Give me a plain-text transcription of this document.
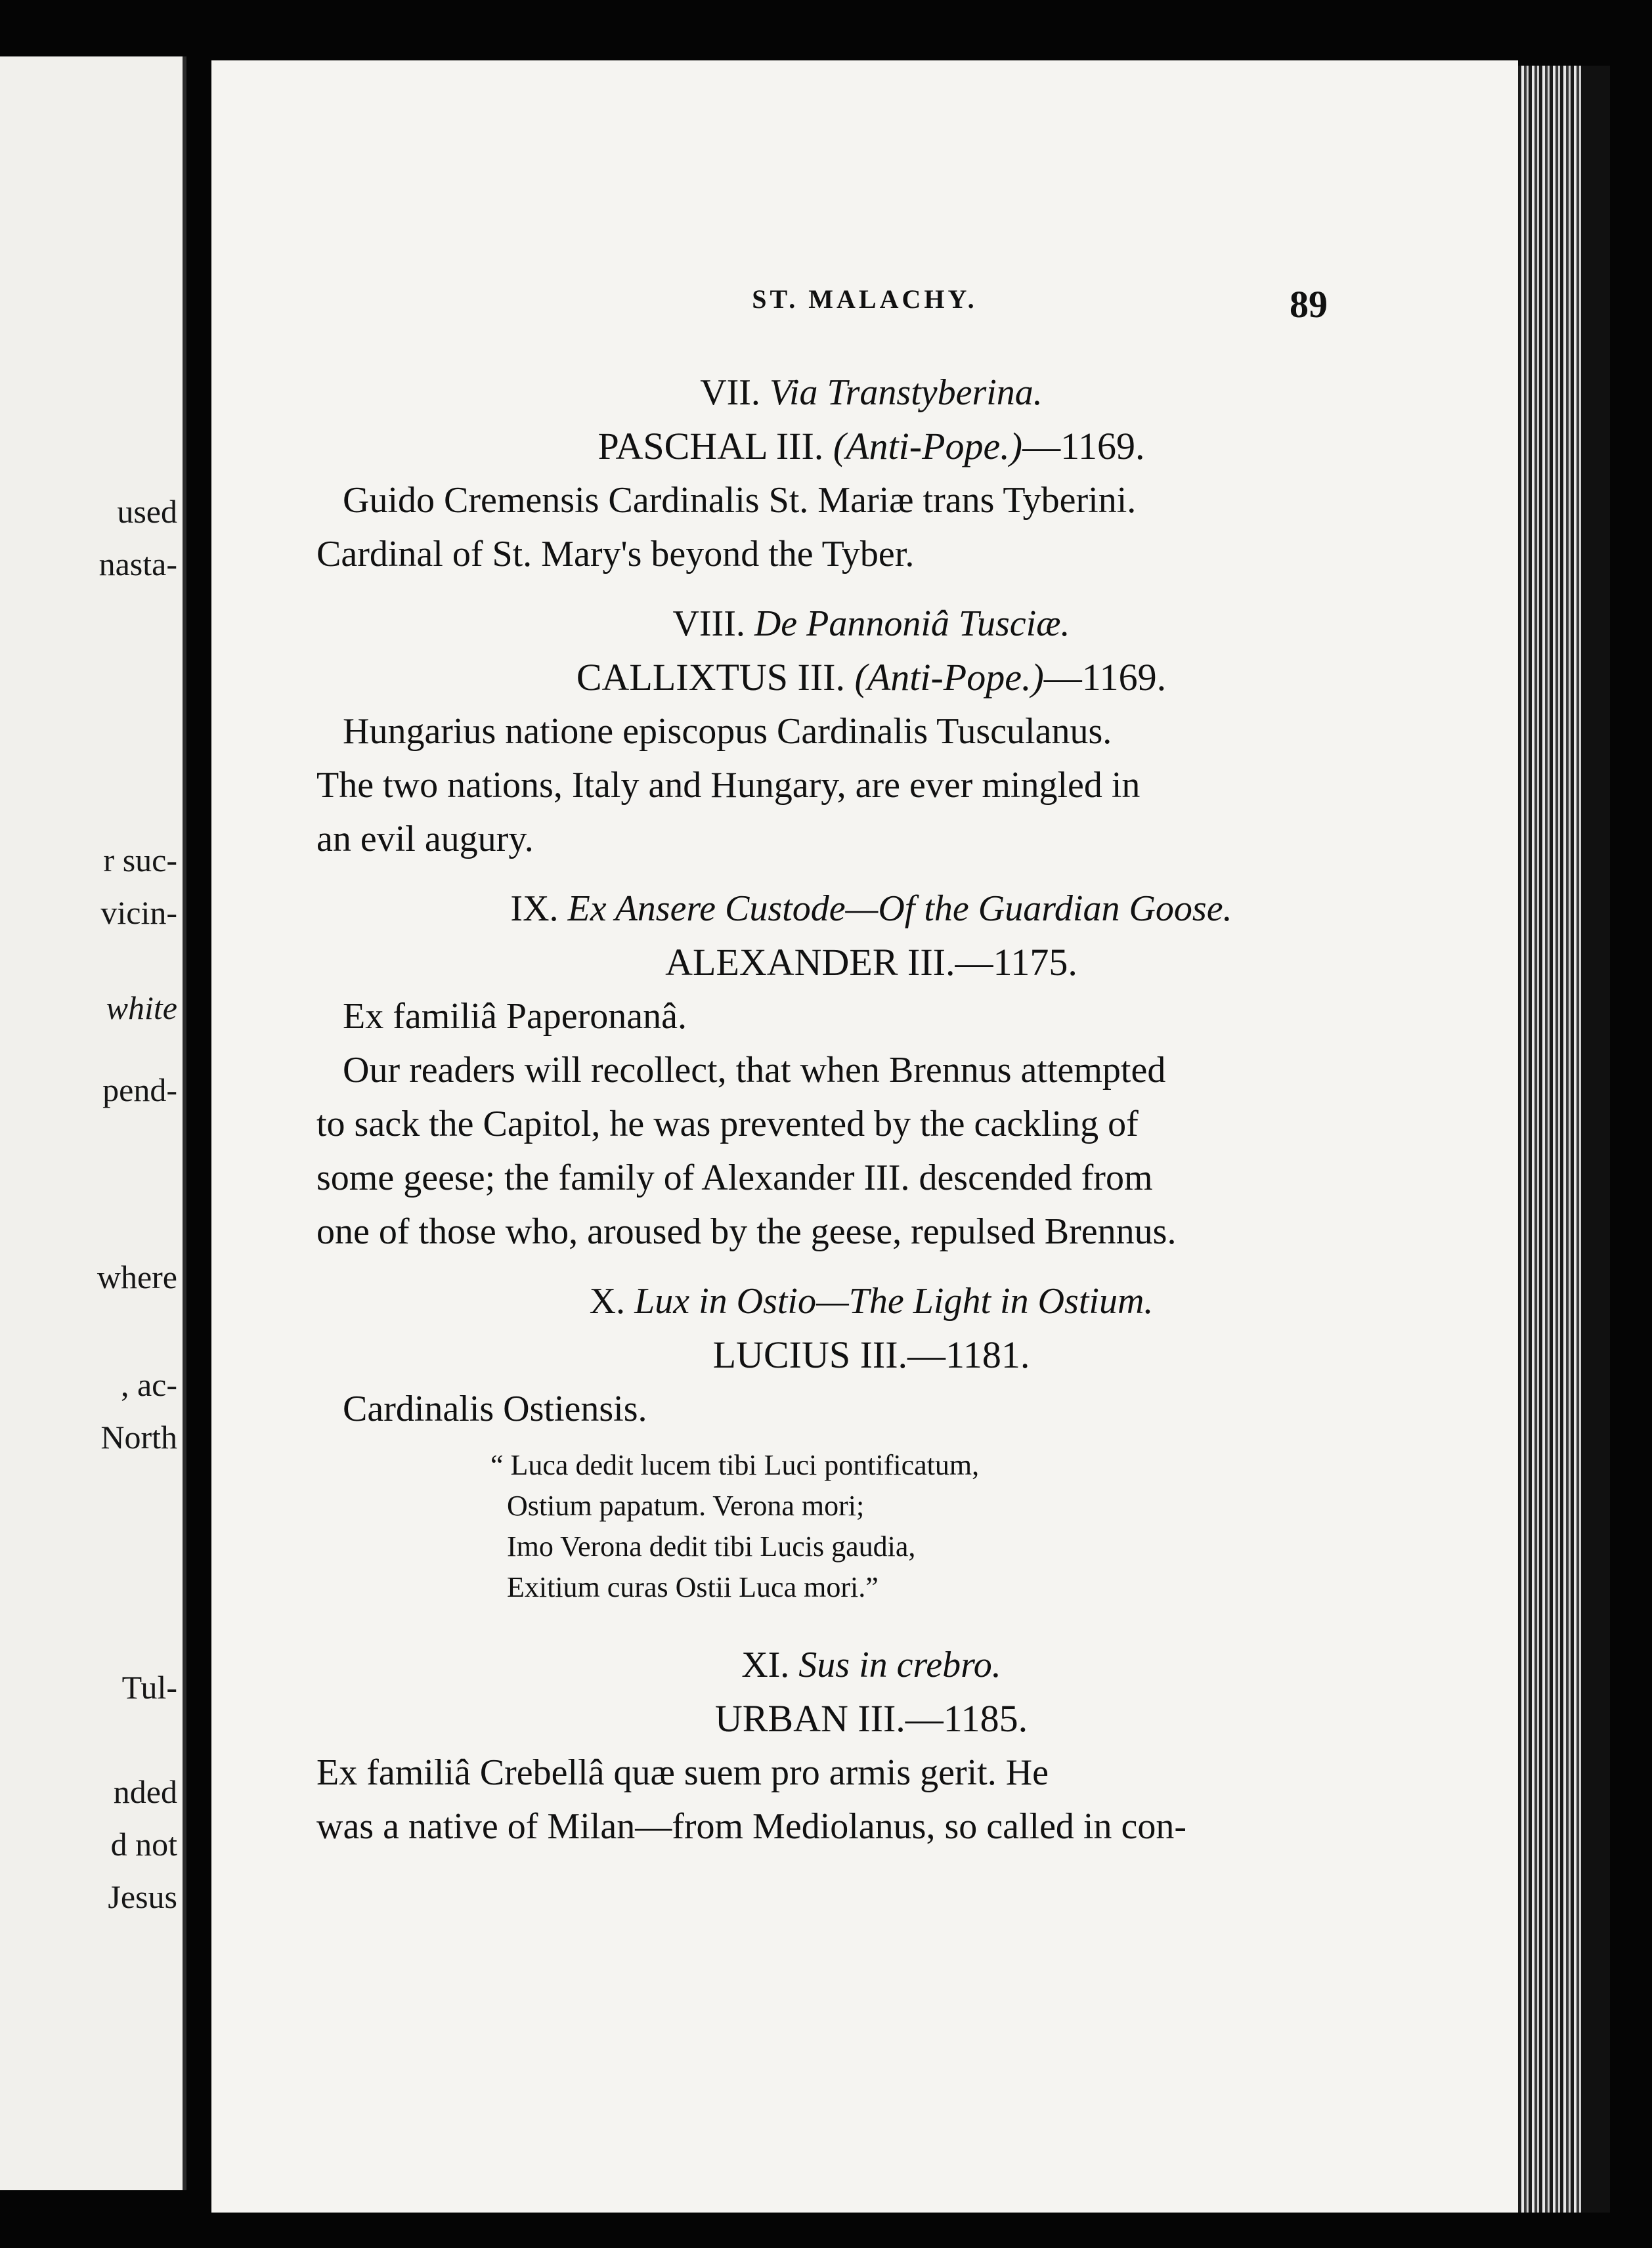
used
nasta-
r suc-
vicin-
white
pend-
where
, ac-
North
Tul-
nded
d not
Jesus
ST. MALACHY.	89
VII. Via Transtyberina.
PASCHAL III. (Anti-Pope.)—1169.
Guido Cremensis Cardinalis St. Mariæ trans Tyberini.
Cardinal of St. Mary's beyond the Tyber.
VIII. De Pannoniâ Tusciæ.
CALLIXTUS III. (Anti-Pope.)—1169.
Hungarius natione episcopus Cardinalis Tusculanus.
The two nations, Italy and Hungary, are ever mingled in
an evil augury.
IX. Ex Ansere Custode—Of the Guardian Goose.
ALEXANDER III.—1175.
Ex familiâ Paperonanâ.
Our readers will recollect, that when Brennus attempted
to sack the Capitol, he was prevented by the cackling of
some geese; the family of Alexander III. descended from
one of those who, aroused by the geese, repulsed Brennus.
X. Lux in Ostio—The Light in Ostium.
LUCIUS III.—1181.
Cardinalis Ostiensis.
“ Luca dedit lucem tibi Luci pontificatum,
Ostium papatum. Verona mori;
Imo Verona dedit tibi Lucis gaudia,
Exitium curas Ostii Luca mori.”
XI. Sus in crebro.
URBAN III.—1185.
Ex familiâ Crebellâ quæ suem pro armis gerit. He
was a native of Milan—from Mediolanus, so called in con-
